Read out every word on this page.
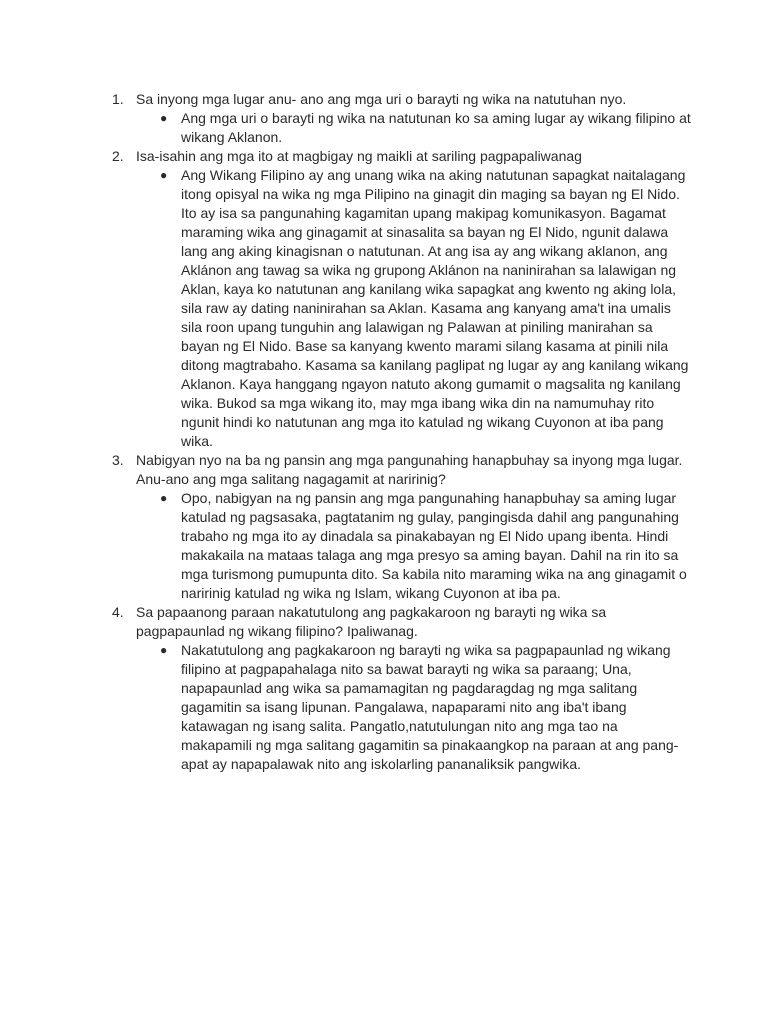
1. Sa inyong mga lugar anu- ano ang mga uri o barayti ng wika na natutuhan nyo.
● Ang mga uri o barayti ng wika na natutunan ko sa aming lugar ay wikang filipino at wikang Aklanon.
2. Isa-isahin ang mga ito at magbigay ng maikli at sariling pagpapaliwanag
● Ang Wikang Filipino ay ang unang wika na aking natutunan sapagkat naitalagang itong opisyal na wika ng mga Pilipino na ginagit din maging sa bayan ng El Nido. Ito ay isa sa pangunahing kagamitan upang makipag komunikasyon. Bagamat maraming wika ang ginagamit at sinasalita sa bayan ng El Nido, ngunit dalawa lang ang aking kinagisnan o natutunan. At ang isa ay ang wikang aklanon, ang Aklánon ang tawag sa wika ng grupong Aklánon na naninirahan sa lalawigan ng Aklan, kaya ko natutunan ang kanilang wika sapagkat ang kwento ng aking lola, sila raw ay dating naninirahan sa Aklan. Kasama ang kanyang ama't ina umalis sila roon upang tunguhin ang lalawigan ng Palawan at piniling manirahan sa bayan ng El Nido. Base sa kanyang kwento marami silang kasama at pinili nila ditong magtrabaho. Kasama sa kanilang paglipat ng lugar ay ang kanilang wikang Aklanon. Kaya hanggang ngayon natuto akong gumamit o magsalita ng kanilang wika. Bukod sa mga wikang ito, may mga ibang wika din na namumuhay rito ngunit hindi ko natutunan ang mga ito katulad ng wikang Cuyonon at iba pang wika.
3. Nabigyan nyo na ba ng pansin ang mga pangunahing hanapbuhay sa inyong mga lugar. Anu-ano ang mga salitang nagagamit at naririnig?
● Opo, nabigyan na ng pansin ang mga pangunahing hanapbuhay sa aming lugar katulad ng pagsasaka, pagtatanim ng gulay, pangingisda dahil ang pangunahing trabaho ng mga ito ay dinadala sa pinakabayan ng El Nido upang ibenta. Hindi makakaila na mataas talaga ang mga presyo sa aming bayan. Dahil na rin ito sa mga turismong pumupunta dito. Sa kabila nito maraming wika na ang ginagamit o naririnig katulad ng wika ng Islam, wikang Cuyonon at iba pa.
4. Sa papaanong paraan nakatutulong ang pagkakaroon ng barayti ng wika sa pagpapaunlad ng wikang filipino? Ipaliwanag.
● Nakatutulong ang pagkakaroon ng barayti ng wika sa pagpapaunlad ng wikang filipino at pagpapahalaga nito sa bawat barayti ng wika sa paraang; Una, napapaunlad ang wika sa pamamagitan ng pagdaragdag ng mga salitang gagamitin sa isang lipunan. Pangalawa, napaparami nito ang iba't ibang katawagan ng isang salita. Pangatlo,natutulungan nito ang mga tao na makapamili ng mga salitang gagamitin sa pinakaangkop na paraan at ang pang-apat ay napapalawak nito ang iskolarling pananaliksik pangwika.
